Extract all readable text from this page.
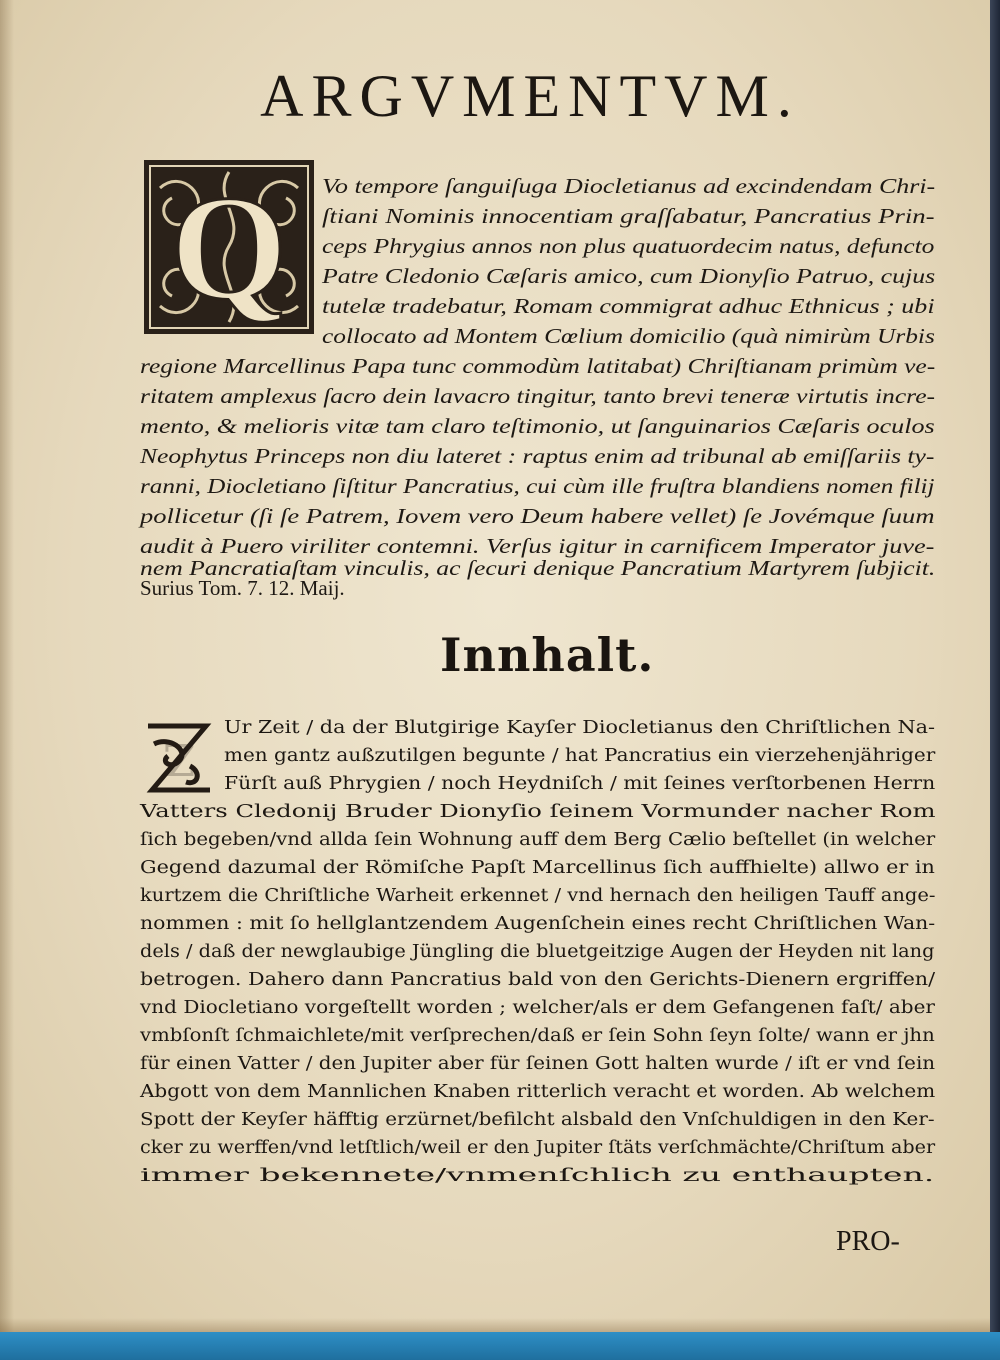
ARGVMENTVM.
Q Vo tempore ſanguiſuga Diocletianus ad excindendam Chri-

ſtiani Nominis innocentiam graſſabatur, Pancratius Prin-

ceps Phrygius annos non plus quatuordecim natus, defuncto

Patre Cledonio Cæſaris amico, cum Dionyſio Patruo, cujus

tutelæ tradebatur, Romam commigrat adhuc Ethnicus ; ubi

collocato ad Montem Cœlium domicilio (quà nimirùm Urbis

regione Marcellinus Papa tunc commodùm latitabat) Chriſtianam primùm ve-

ritatem amplexus ſacro dein lavacro tingitur, tanto brevi teneræ virtutis incre-

mento, & melioris vitæ tam claro teſtimonio, ut ſanguinarios Cæſaris oculos

Neophytus Princeps non diu lateret : raptus enim ad tribunal ab emiſſariis ty-

ranni, Diocletiano ſiſtitur Pancratius, cui cùm ille fruſtra blandiens nomen filij

pollicetur (ſi ſe Patrem, Iovem vero Deum habere vellet) ſe Jovémque ſuum

audit à Puero viriliter contemni. Verſus igitur in carnificem Imperator juve-

nem Pancratiaſtam vinculis, ac ſecuri denique Pancratium Martyrem ſubjicit.

Surius Tom. 7. 12. Maij.

Innhalt.
Z

Ur Zeit / da der Blutgirige Kayſer Diocletianus den Chriſtlichen Na-

men gantz außzutilgen begunte / hat Pancratius ein vierzehenjähriger

Fürſt auß Phrygien / noch Heydniſch / mit ſeines verſtorbenen Herrn

Vatters Cledonij Bruder Dionyſio ſeinem Vormunder nacher Rom

ſich begeben/vnd allda ſein Wohnung auff dem Berg Cælio beſtellet (in welcher

Gegend dazumal der Römiſche Papſt Marcellinus ſich auffhielte) allwo er in

kurtzem die Chriſtliche Warheit erkennet / vnd hernach den heiligen Tauff ange-

nommen : mit ſo hellglantzendem Augenſchein eines recht Chriſtlichen Wan-

dels / daß der newglaubige Jüngling die bluetgeitzige Augen der Heyden nit lang

betrogen. Dahero dann Pancratius bald von den Gerichts-Dienern ergriffen/

vnd Diocletiano vorgeſtellt worden ; welcher/als er dem Gefangenen faſt/ aber

vmbſonſt ſchmaichlete/mit verſprechen/daß er ſein Sohn ſeyn ſolte/ wann er jhn

für einen Vatter / den Jupiter aber für ſeinen Gott halten wurde / iſt er vnd ſein

Abgott von dem Mannlichen Knaben ritterlich veracht et worden. Ab welchem

Spott der Keyſer häfftig erzürnet/befilcht alsbald den Vnſchuldigen in den Ker-

cker zu werffen/vnd letſtlich/weil er den Jupiter ſtäts verſchmächte/Chriſtum aber

immer bekennete/vnmenſchlich zu enthaupten.

PRO-
